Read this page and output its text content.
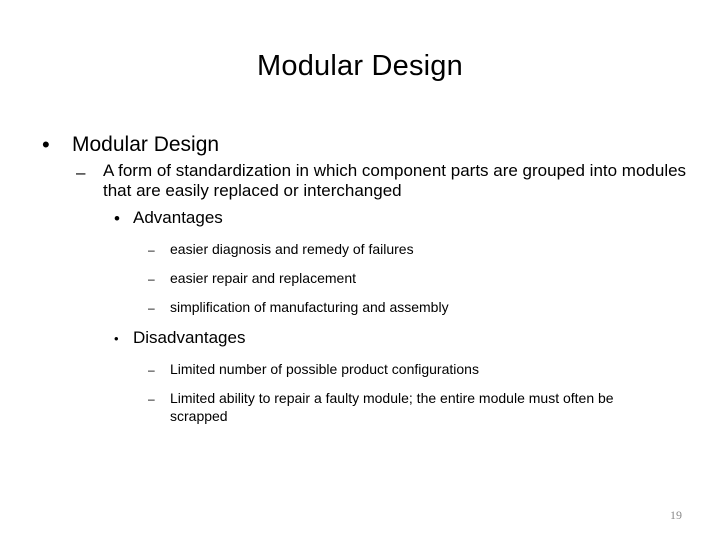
Modular Design
• Modular Design
– A form of standardization in which component parts are grouped into modules that are easily replaced or interchanged
• Advantages
– easier diagnosis and remedy of failures
– easier repair and replacement
– simplification of manufacturing and assembly
• Disadvantages
– Limited number of possible product configurations
– Limited ability to repair a faulty module; the entire module must often be scrapped
19
